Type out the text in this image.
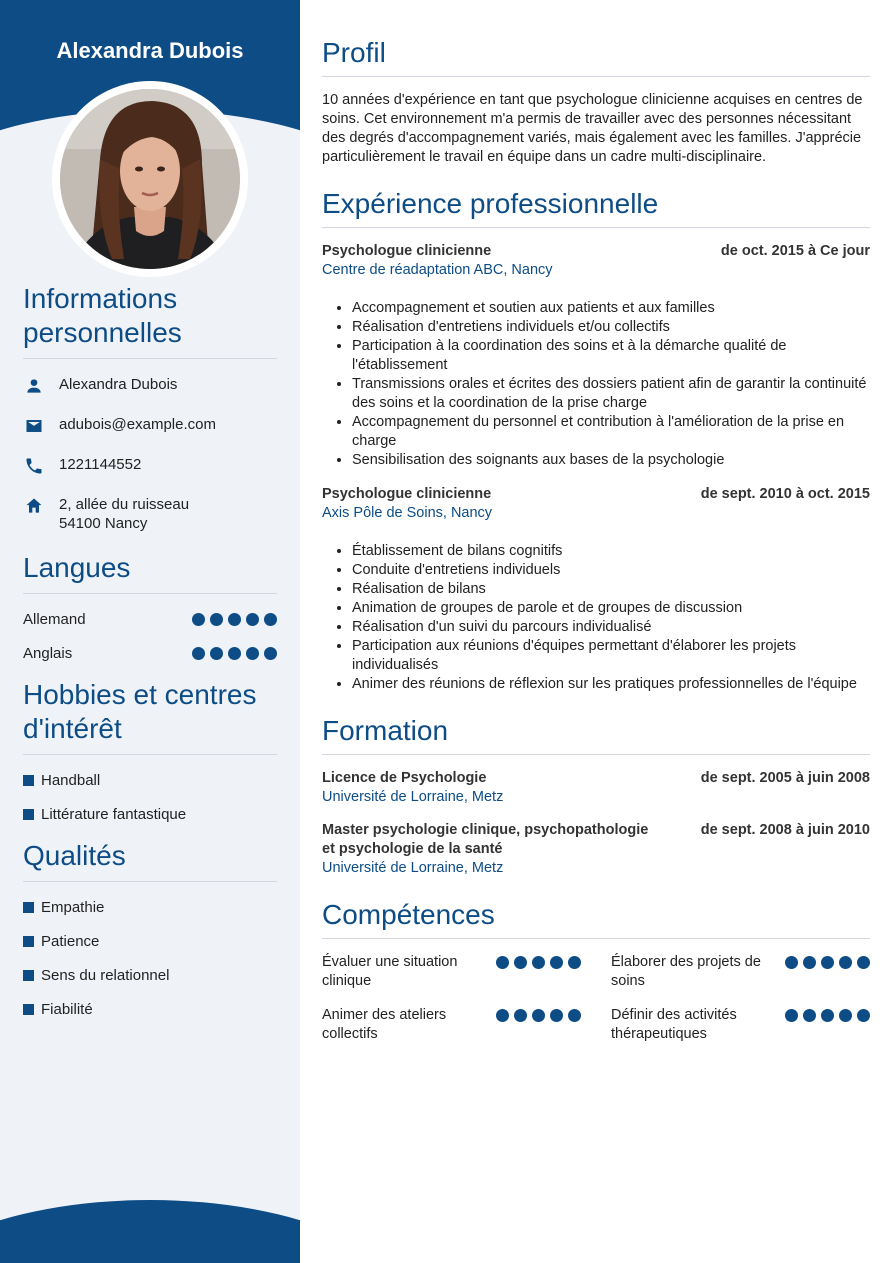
Alexandra Dubois
Informations personnelles
Alexandra Dubois
adubois@example.com
1221144552
2, allée du ruisseau
54100 Nancy
Langues
Allemand
Anglais
Hobbies et centres d'intérêt
Handball
Littérature fantastique
Qualités
Empathie
Patience
Sens du relationnel
Fiabilité
Profil

10 années d'expérience en tant que psychologue clinicienne acquises en centres de soins. Cet environnement m'a permis de travailler avec des personnes nécessitant des degrés d'accompagnement variés, mais également avec les familles. J'apprécie particulièrement le travail en équipe dans un cadre multi-disciplinaire.

Expérience professionnelle
Psychologue clinicienne	de oct. 2015 à Ce jour
Centre de réadaptation ABC, Nancy
• Accompagnement et soutien aux patients et aux familles
• Réalisation d'entretiens individuels et/ou collectifs
• Participation à la coordination des soins et à la démarche qualité de l'établissement
• Transmissions orales et écrites des dossiers patient afin de garantir la continuité des soins et la coordination de la prise charge
• Accompagnement du personnel et contribution à l'amélioration de la prise en charge
• Sensibilisation des soignants aux bases de la psychologie
Psychologue clinicienne	de sept. 2010 à oct. 2015
Axis Pôle de Soins, Nancy
• Établissement de bilans cognitifs
• Conduite d'entretiens individuels
• Réalisation de bilans
• Animation de groupes de parole et de groupes de discussion
• Réalisation d'un suivi du parcours individualisé
• Participation aux réunions d'équipes permettant d'élaborer les projets individualisés
• Animer des réunions de réflexion sur les pratiques professionnelles de l'équipe
Formation
Licence de Psychologie	de sept. 2005 à juin 2008
Université de Lorraine, Metz
Master psychologie clinique, psychopathologie et psychologie de la santé
de sept. 2008 à juin 2010
Université de Lorraine, Metz
Compétences
Évaluer une situation clinique
Élaborer des projets de soins
Animer des ateliers collectifs
Définir des activités thérapeutiques
